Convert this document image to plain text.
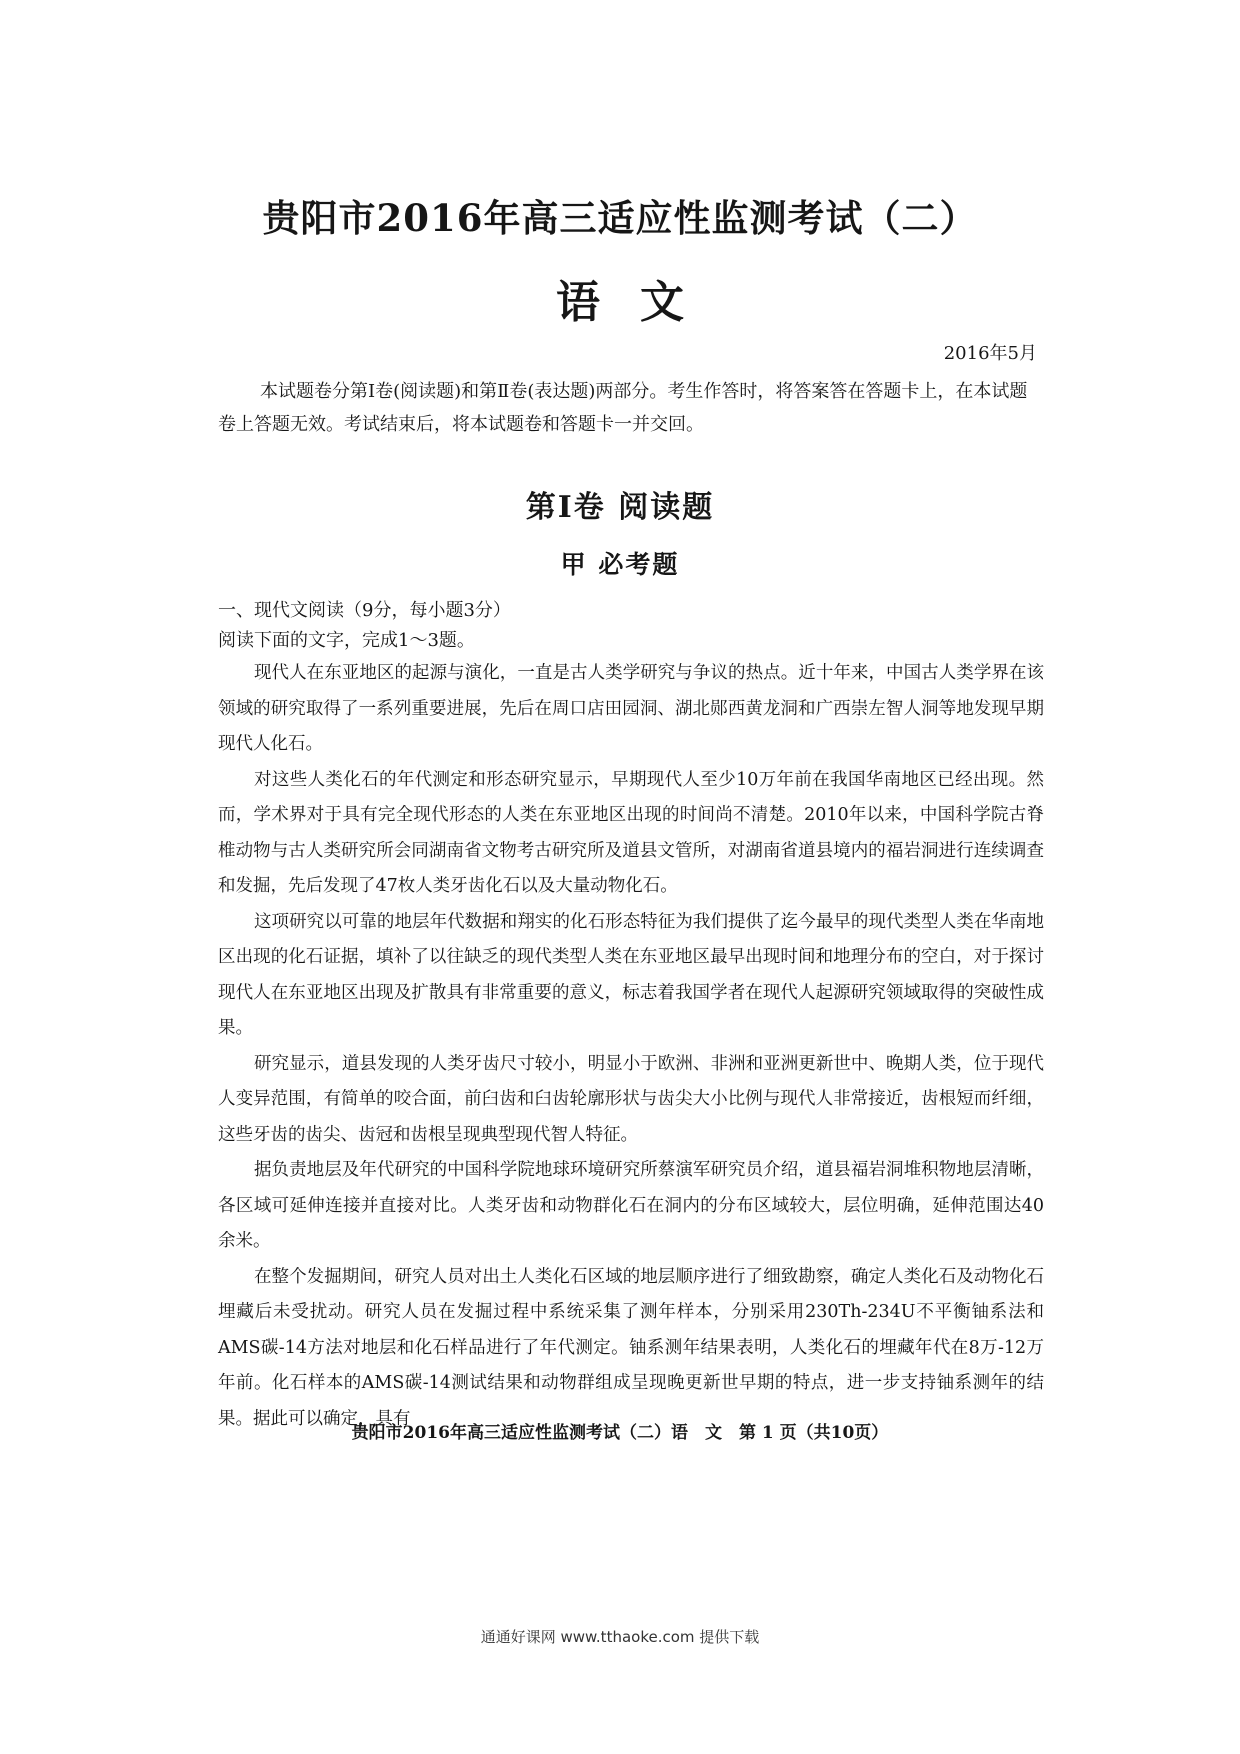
贵阳市2016年高三适应性监测考试（二）
语文
2016年5月
本试题卷分第Ⅰ卷(阅读题)和第Ⅱ卷(表达题)两部分。考生作答时，将答案答在答题卡上，在本试题卷上答题无效。考试结束后，将本试题卷和答题卡一并交回。
第Ⅰ卷 阅读题
甲 必考题
一、现代文阅读（9分，每小题3分）
阅读下面的文字，完成1～3题。

现代人在东亚地区的起源与演化，一直是古人类学研究与争议的热点。近十年来，中国古人类学界在该领域的研究取得了一系列重要进展，先后在周口店田园洞、湖北郧西黄龙洞和广西崇左智人洞等地发现早期现代人化石。

对这些人类化石的年代测定和形态研究显示，早期现代人至少10万年前在我国华南地区已经出现。然而，学术界对于具有完全现代形态的人类在东亚地区出现的时间尚不清楚。2010年以来，中国科学院古脊椎动物与古人类研究所会同湖南省文物考古研究所及道县文管所，对湖南省道县境内的福岩洞进行连续调查和发掘，先后发现了47枚人类牙齿化石以及大量动物化石。

这项研究以可靠的地层年代数据和翔实的化石形态特征为我们提供了迄今最早的现代类型人类在华南地区出现的化石证据，填补了以往缺乏的现代类型人类在东亚地区最早出现时间和地理分布的空白，对于探讨现代人在东亚地区出现及扩散具有非常重要的意义，标志着我国学者在现代人起源研究领域取得的突破性成果。

研究显示，道县发现的人类牙齿尺寸较小，明显小于欧洲、非洲和亚洲更新世中、晚期人类，位于现代人变异范围，有简单的咬合面，前臼齿和臼齿轮廓形状与齿尖大小比例与现代人非常接近，齿根短而纤细，这些牙齿的齿尖、齿冠和齿根呈现典型现代智人特征。

据负责地层及年代研究的中国科学院地球环境研究所蔡演军研究员介绍，道县福岩洞堆积物地层清晰，各区域可延伸连接并直接对比。人类牙齿和动物群化石在洞内的分布区域较大，层位明确，延伸范围达40余米。

在整个发掘期间，研究人员对出土人类化石区域的地层顺序进行了细致勘察，确定人类化石及动物化石埋藏后未受扰动。研究人员在发掘过程中系统采集了测年样本，分别采用230Th-234U不平衡铀系法和AMS碳-14方法对地层和化石样品进行了年代测定。铀系测年结果表明，人类化石的埋藏年代在8万-12万年前。化石样本的AMS碳-14测试结果和动物群组成呈现晚更新世早期的特点，进一步支持铀系测年的结果。据此可以确定，具有

贵阳市2016年高三适应性监测考试（二）语　文　第 1 页（共10页）
通通好课网 www.tthaoke.com 提供下载
